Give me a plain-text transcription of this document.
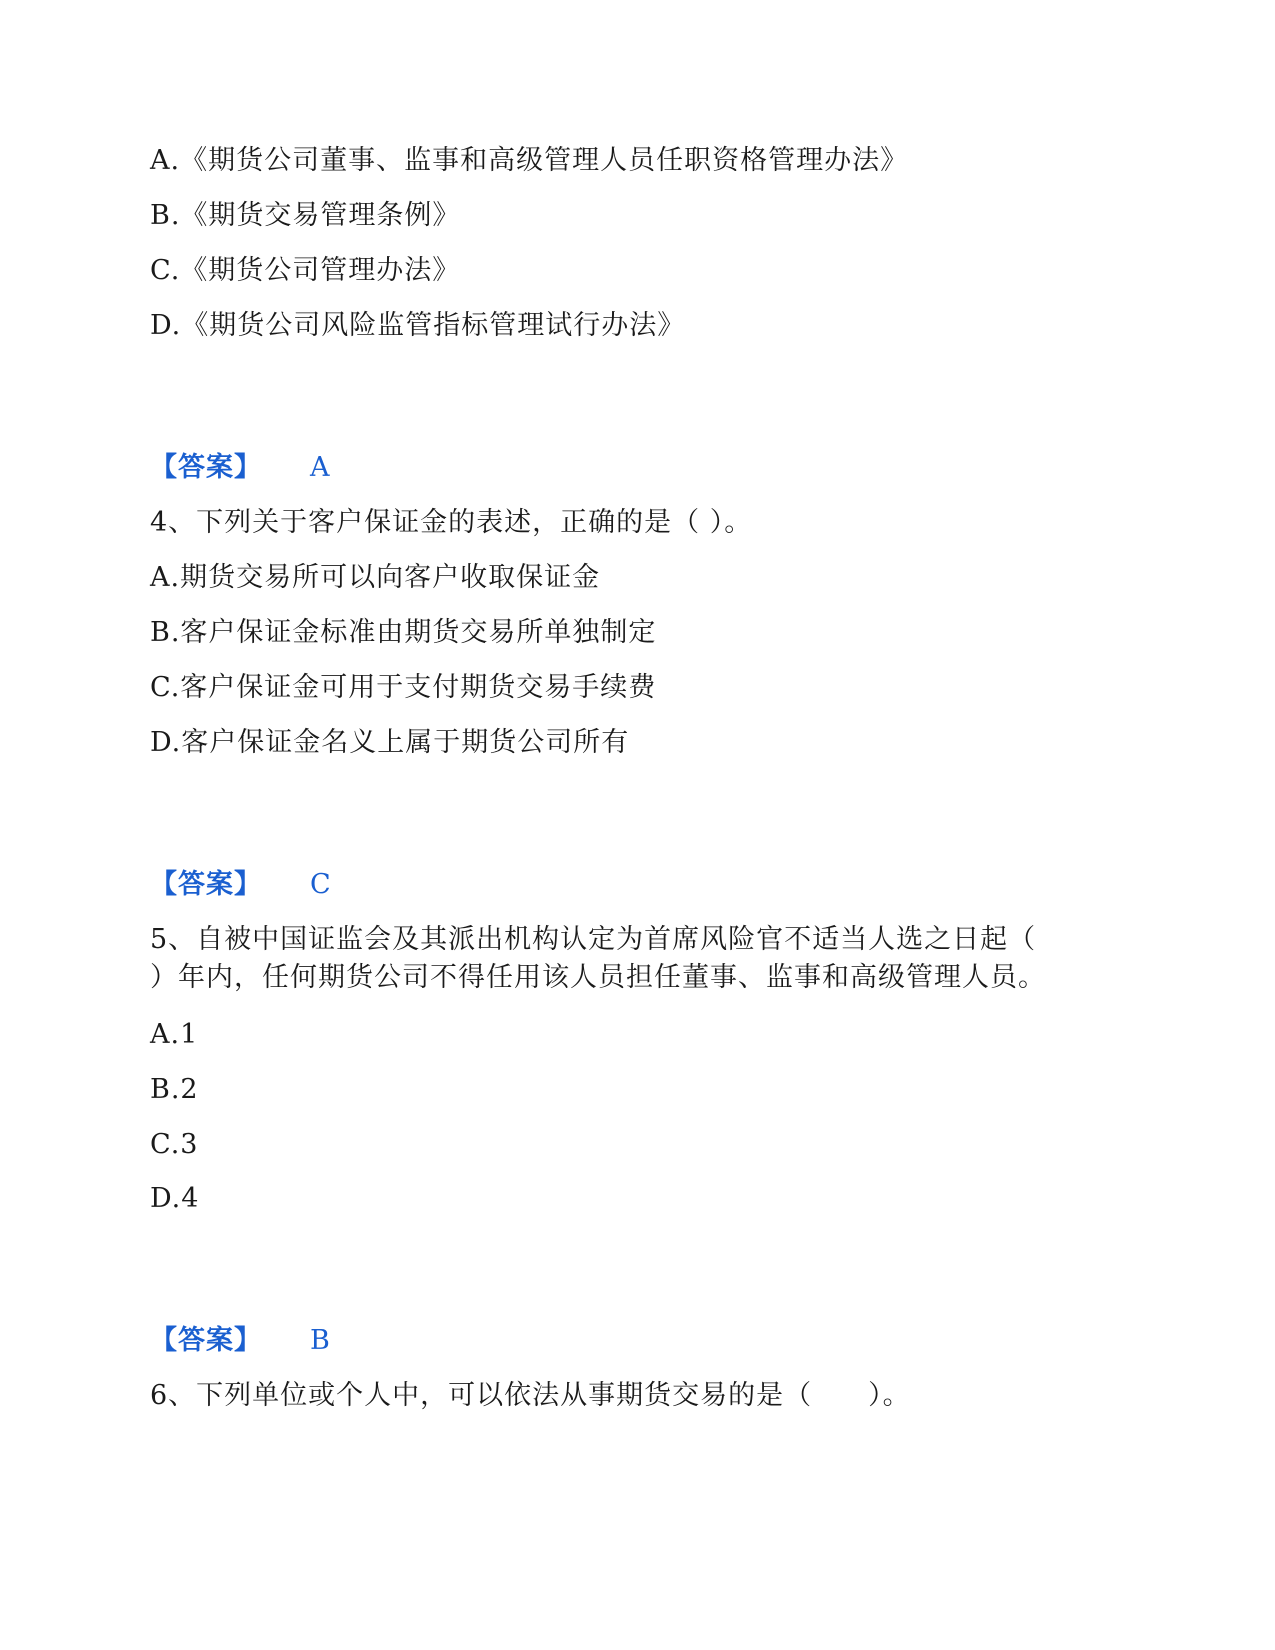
A.《期货公司董事、监事和高级管理人员任职资格管理办法》
B.《期货交易管理条例》
C.《期货公司管理办法》
D.《期货公司风险监管指标管理试行办法》
【答案】 A
4、下列关于客户保证金的表述，正确的是（ ）。
A.期货交易所可以向客户收取保证金
B.客户保证金标准由期货交易所单独制定
C.客户保证金可用于支付期货交易手续费
D.客户保证金名义上属于期货公司所有
【答案】 C
5、自被中国证监会及其派出机构认定为首席风险官不适当人选之日起（
）年内，任何期货公司不得任用该人员担任董事、监事和高级管理人员。
A.1
B.2
C.3
D.4
【答案】 B
6、下列单位或个人中，可以依法从事期货交易的是（　　）。
